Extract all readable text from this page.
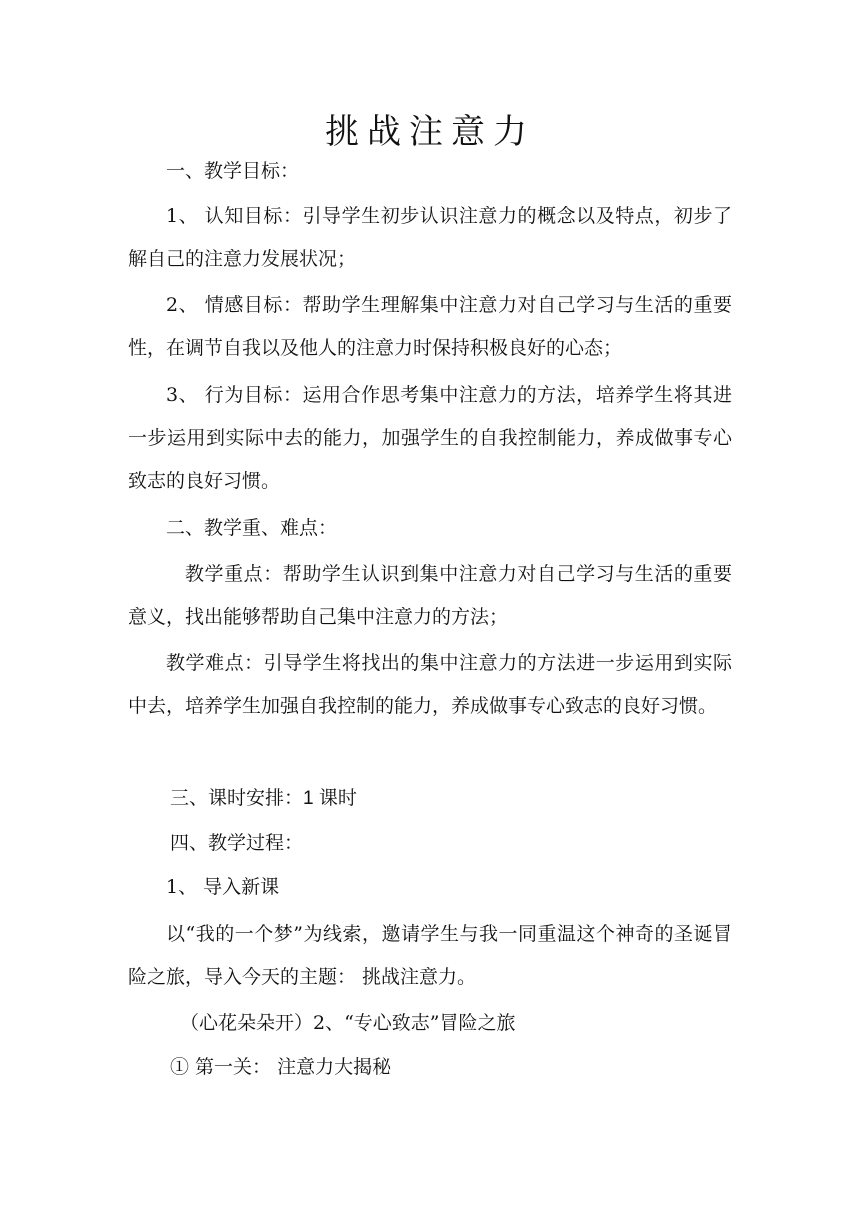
挑战注意力
一、教学目标：

1、 认知目标：引导学生初步认识注意力的概念以及特点，初步了解自己的注意力发展状况；

2、 情感目标：帮助学生理解集中注意力对自己学习与生活的重要性，在调节自我以及他人的注意力时保持积极良好的心态；

3、 行为目标：运用合作思考集中注意力的方法，培养学生将其进一步运用到实际中去的能力，加强学生的自我控制能力，养成做事专心致志的良好习惯。

二、教学重、难点：

教学重点：帮助学生认识到集中注意力对自己学习与生活的重要意义，找出能够帮助自己集中注意力的方法；

教学难点：引导学生将找出的集中注意力的方法进一步运用到实际中去，培养学生加强自我控制的能力，养成做事专心致志的良好习惯。

三、课时安排：1 课时
四、教学过程：
1、 导入新课

以“我的一个梦”为线索，邀请学生与我一同重温这个神奇的圣诞冒险之旅，导入今天的主题： 挑战注意力。

（心花朵朵开）2、“专心致志”冒险之旅
① 第一关： 注意力大揭秘
